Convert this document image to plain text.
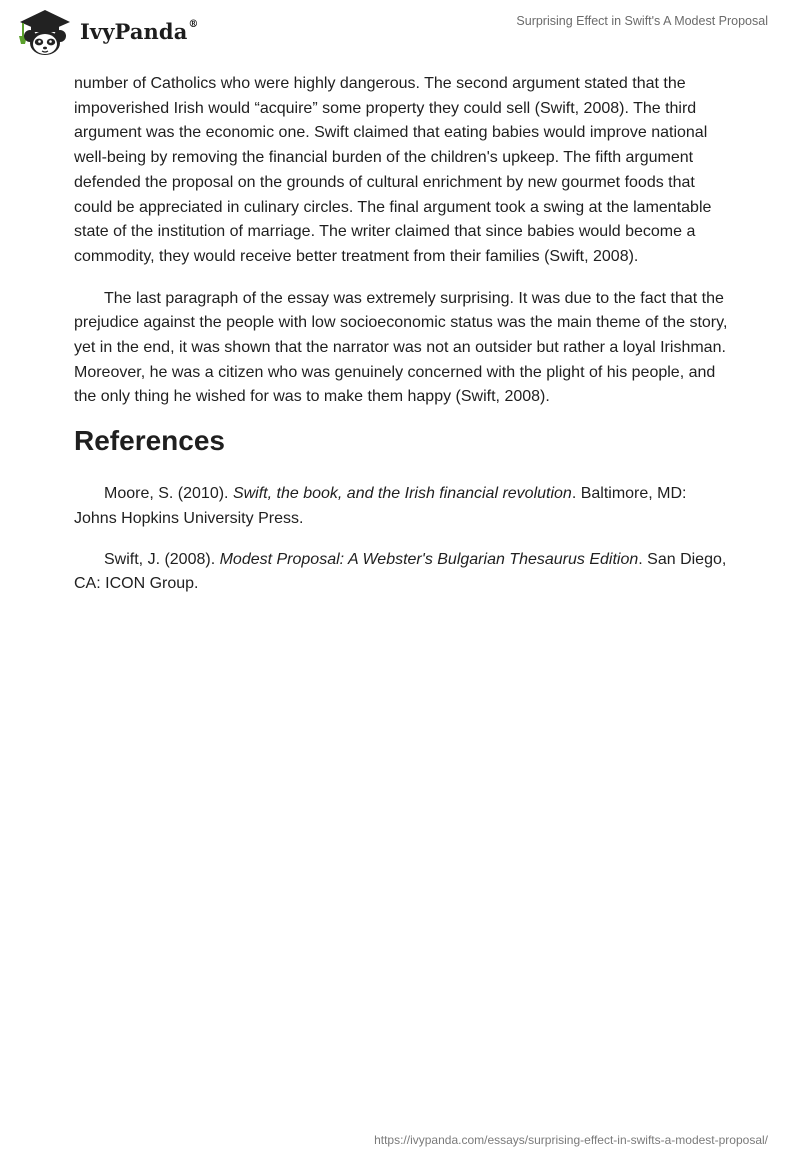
IvyPanda®	Surprising Effect in Swift's A Modest Proposal

number of Catholics who were highly dangerous. The second argument stated that the impoverished Irish would “acquire” some property they could sell (Swift, 2008). The third argument was the economic one. Swift claimed that eating babies would improve national well-being by removing the financial burden of the children's upkeep. The fifth argument defended the proposal on the grounds of cultural enrichment by new gourmet foods that could be appreciated in culinary circles. The final argument took a swing at the lamentable state of the institution of marriage. The writer claimed that since babies would become a commodity, they would receive better treatment from their families (Swift, 2008).

The last paragraph of the essay was extremely surprising. It was due to the fact that the prejudice against the people with low socioeconomic status was the main theme of the story, yet in the end, it was shown that the narrator was not an outsider but rather a loyal Irishman. Moreover, he was a citizen who was genuinely concerned with the plight of his people, and the only thing he wished for was to make them happy (Swift, 2008).

References

Moore, S. (2010). Swift, the book, and the Irish financial revolution. Baltimore, MD: Johns Hopkins University Press.

Swift, J. (2008). Modest Proposal: A Webster's Bulgarian Thesaurus Edition. San Diego, CA: ICON Group.

https://ivypanda.com/essays/surprising-effect-in-swifts-a-modest-proposal/
